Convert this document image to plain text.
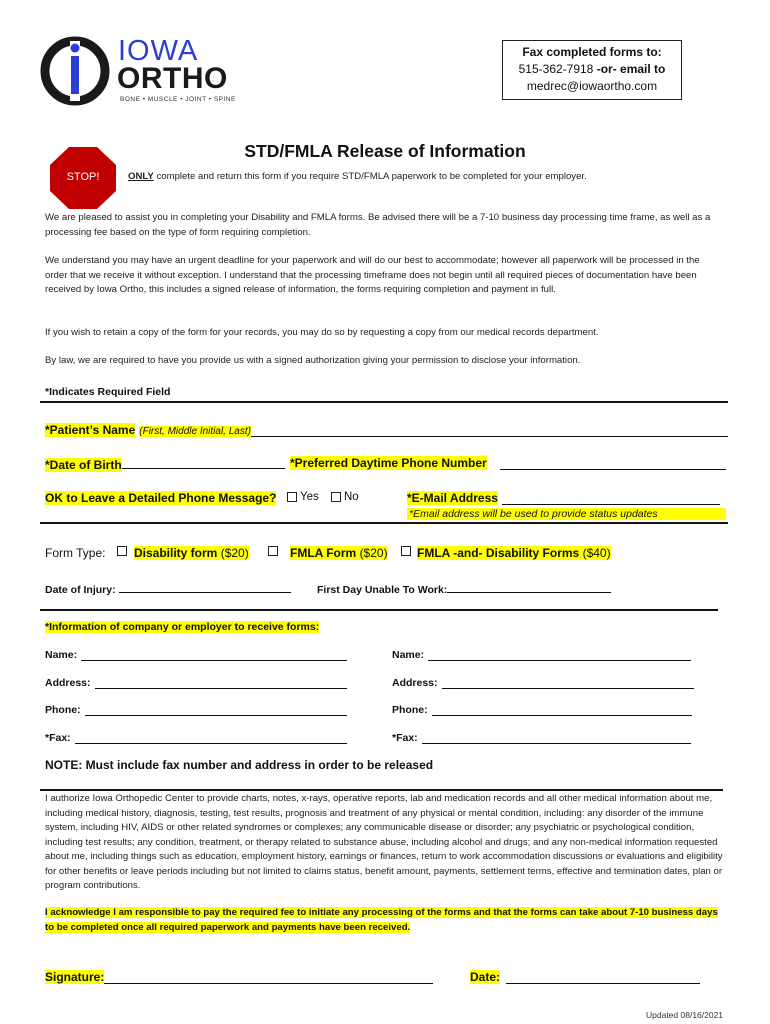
IOWA
ORTHO
BONE • MUSCLE • JOINT • SPINE
Fax completed forms to:
515-362-7918 -or- email to
medrec@iowaortho.com
STD/FMLA Release of Information
STOP!	ONLY complete and return this form if you require STD/FMLA paperwork to be completed for your employer.
We are pleased to assist you in completing your Disability and FMLA forms. Be advised there will be a 7-10 business day processing time frame, as well as a processing fee based on the type of form requiring completion.
We understand you may have an urgent deadline for your paperwork and will do our best to accommodate; however all paperwork will be processed in the order that we receive it without exception. I understand that the processing timeframe does not begin until all required pieces of documentation have been received by Iowa Ortho, this includes a signed release of information, the forms requiring completion and payment in full.
If you wish to retain a copy of the form for your records, you may do so by requesting a copy from our medical records department.
By law, we are required to have you provide us with a signed authorization giving your permission to disclose your information.
*Indicates Required Field
*Patient’s Name (First, Middle Initial, Last)
*Date of Birth	*Preferred Daytime Phone Number
OK to Leave a Detailed Phone Message?	Yes	No	*E-Mail Address
*Email address will be used to provide status updates
Form Type: Disability form ($20)	FMLA Form ($20) FMLA -and- Disability Forms ($40)
Date of Injury:	First Day Unable To Work:
*Information of company or employer to receive forms:
Name:
Address:
Phone:
*Fax:
Name:
Address:
Phone:
*Fax:
NOTE: Must include fax number and address in order to be released
I authorize Iowa Orthopedic Center to provide charts, notes, x-rays, operative reports, lab and medication records and all other medical information about me, including medical history, diagnosis, testing, test results, prognosis and treatment of any physical or mental condition, including: any disorder of the immune system, including HIV, AIDS or other related syndromes or complexes; any communicable disease or disorder; any psychiatric or psychological condition, including test results; any condition, treatment, or therapy related to substance abuse, including alcohol and drugs; and any non-medical information requested about me, including things such as education, employment history, earnings or finances, return to work accommodation discussions or evaluations and eligibility for other benefits or leave periods including but not limited to claims status, benefit amount, payments, settlement terms, effective and termination dates, plan or program contributions.
I acknowledge I am responsible to pay the required fee to initiate any processing of the forms and that the forms can take about 7-10 business days to be completed once all required paperwork and payments have been received.
Signature:	Date:
Updated 08/16/2021
